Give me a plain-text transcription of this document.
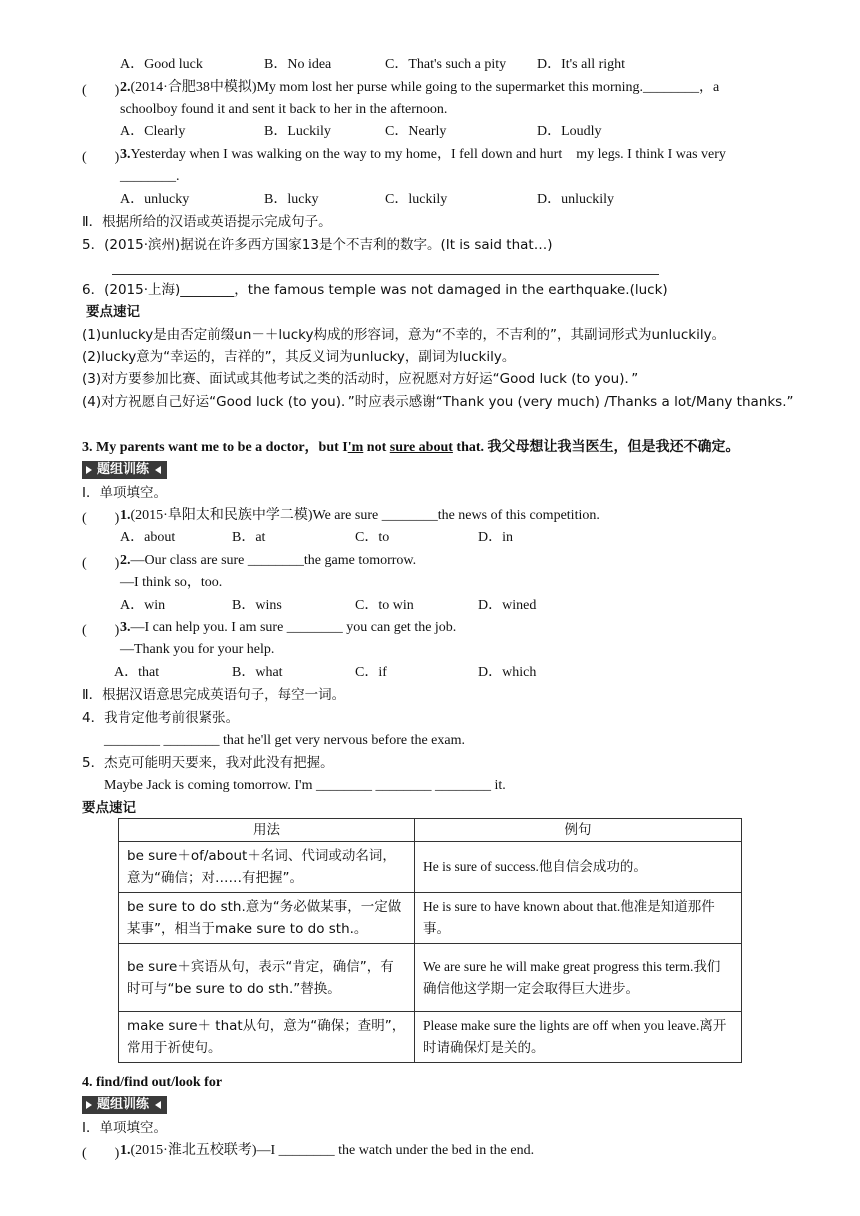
A．Good luck	B．No idea	C．That's such a pity D．It's all right
(　　) 2.(2014·合肥38中模拟)My mom lost her purse while going to the supermarket this morning.________，a
schoolboy found it and sent it back to her in the afternoon.
A．Clearly	B．Luckily	C．Nearly	D．Loudly
(　　) 3.Yesterday when I was walking on the way to my home，I fell down and hurt　my legs. I think I was very
________.
A．unlucky	B．lucky	C．luckily	D．unluckily
Ⅱ．根据所给的汉语或英语提示完成句子。
5．(2015·滨州)据说在许多西方国家13是个不吉利的数字。(It is said that…)
6．(2015·上海)________，the famous temple was not damaged in the earthquake.(luck)
要点速记
(1)unlucky是由否定前缀un－＋lucky构成的形容词，意为“不幸的，不吉利的”，其副词形式为unluckily。
(2)lucky意为“幸运的，吉祥的”，其反义词为unlucky，副词为luckily。
(3)对方要参加比赛、面试或其他考试之类的活动时，应祝愿对方好运“Good luck (to you)．”
(4)对方祝愿自己好运“Good luck (to you)．”时应表示感谢“Thank you (very much) /Thanks a lot/Many thanks.”
3. My parents want me to be a doctor，but I'm not sure about that. 我父母想让我当医生，但是我还不确定。
题组训练
Ⅰ．单项填空。
(　　) 1.(2015·阜阳太和民族中学二模)We are sure ________the news of this competition.
A．about	B．at	C．to	D．in
(　　) 2.—Our class are sure ________the game tomorrow.
—I think so，too.
A．win	B．wins	C．to win	D．wined
(　　) 3.—I can help you. I am sure ________ you can get the job.
—Thank you for your help.
A．that	B．what	C．if	D．which
Ⅱ．根据汉语意思完成英语句子，每空一词。
4．我肯定他考前很紧张。
________ ________ that he'll get very nervous before the exam.
5．杰克可能明天要来，我对此没有把握。
Maybe Jack is coming tomorrow. I'm ________ ________ ________ it.
要点速记
用法	例句
be sure＋of/about＋名词、代词或动名词，意为“确信；对……有把握”。	He is sure of success.他自信会成功的。
be sure to do sth.意为“务必做某事，一定做某事”，相当于make sure to do sth.。	He is sure to have known about that.他准是知道那件事。
be sure＋宾语从句，表示“肯定，确信”，有时可与“be sure to do sth.”替换。	We are sure he will make great progress this term.我们确信他这学期一定会取得巨大进步。
make sure＋ that从句，意为“确保；查明”，常用于祈使句。	Please make sure the lights are off when you leave.离开时请确保灯是关的。
4. find/find out/look for
题组训练
Ⅰ．单项填空。
(　　) 1.(2015·淮北五校联考)—I ________ the watch under the bed in the end.
